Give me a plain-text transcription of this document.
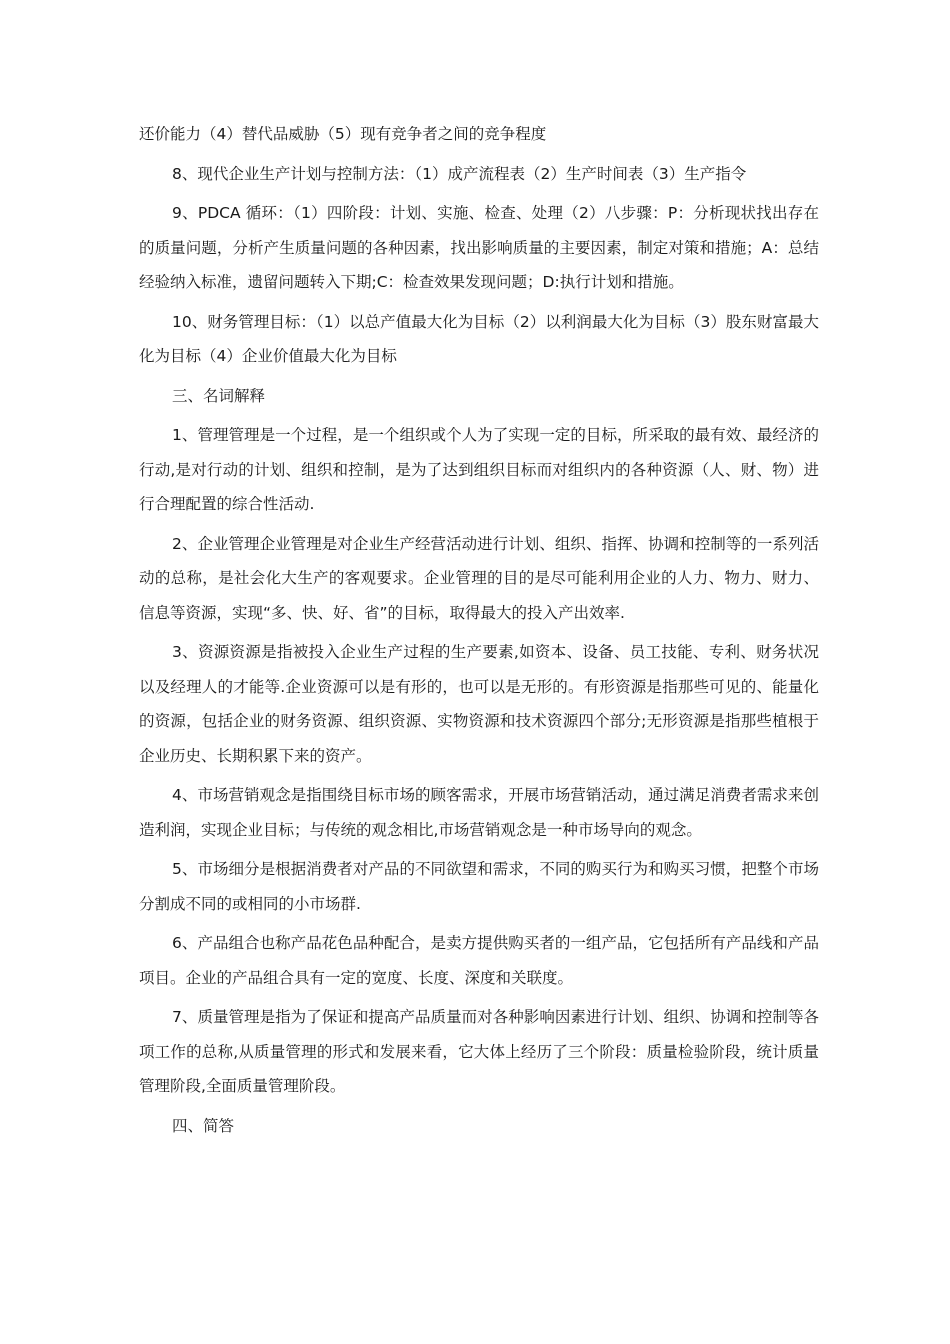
还价能力（4）替代品威胁（5）现有竞争者之间的竞争程度

8、现代企业生产计划与控制方法：（1）成产流程表（2）生产时间表（3）生产指令

9、PDCA 循环：（1）四阶段：计划、实施、检查、处理（2）八步骤：P：分析现状找出存在的质量问题，分析产生质量问题的各种因素，找出影响质量的主要因素，制定对策和措施；A：总结经验纳入标准，遗留问题转入下期;C：检查效果发现问题；D:执行计划和措施。

10、财务管理目标：（1）以总产值最大化为目标（2）以利润最大化为目标（3）股东财富最大化为目标（4）企业价值最大化为目标

三、名词解释

1、管理管理是一个过程，是一个组织或个人为了实现一定的目标，所采取的最有效、最经济的行动,是对行动的计划、组织和控制，是为了达到组织目标而对组织内的各种资源（人、财、物）进行合理配置的综合性活动.

2、企业管理企业管理是对企业生产经营活动进行计划、组织、指挥、协调和控制等的一系列活动的总称，是社会化大生产的客观要求。企业管理的目的是尽可能利用企业的人力、物力、财力、信息等资源，实现“多、快、好、省”的目标，取得最大的投入产出效率.

3、资源资源是指被投入企业生产过程的生产要素,如资本、设备、员工技能、专利、财务状况以及经理人的才能等.企业资源可以是有形的，也可以是无形的。有形资源是指那些可见的、能量化的资源，包括企业的财务资源、组织资源、实物资源和技术资源四个部分;无形资源是指那些植根于企业历史、长期积累下来的资产。

4、市场营销观念是指围绕目标市场的顾客需求，开展市场营销活动，通过满足消费者需求来创造利润，实现企业目标；与传统的观念相比,市场营销观念是一种市场导向的观念。

5、市场细分是根据消费者对产品的不同欲望和需求，不同的购买行为和购买习惯，把整个市场分割成不同的或相同的小市场群.

6、产品组合也称产品花色品种配合，是卖方提供购买者的一组产品，它包括所有产品线和产品项目。企业的产品组合具有一定的宽度、长度、深度和关联度。

7、质量管理是指为了保证和提高产品质量而对各种影响因素进行计划、组织、协调和控制等各项工作的总称,从质量管理的形式和发展来看，它大体上经历了三个阶段：质量检验阶段，统计质量管理阶段,全面质量管理阶段。

四、简答
